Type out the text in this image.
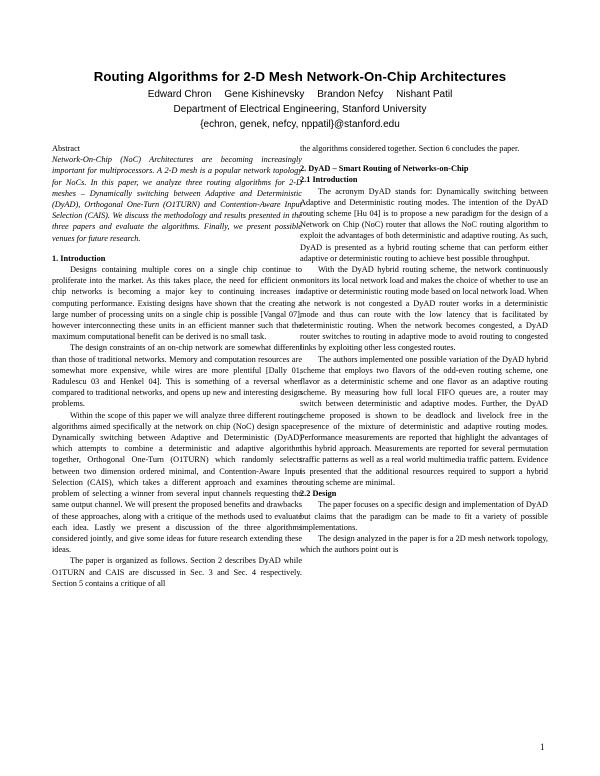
Routing Algorithms for 2-D Mesh Network-On-Chip Architectures
Edward Chron Gene Kishinevsky Brandon Nefcy Nishant Patil
Department of Electrical Engineering, Stanford University
{echron, genek, nefcy, nppatil}@stanford.edu

Abstract

Network-On-Chip (NoC) Architectures are becoming increasingly important for multiprocessors. A 2-D mesh is a popular network topology for NoCs. In this paper, we analyze three routing algorithms for 2-D meshes – Dynamically switching between Adaptive and Deterministic (DyAD), Orthogonal One-Turn (O1TURN) and Contention-Aware Input Selection (CAIS). We discuss the methodology and results presented in the three papers and evaluate the algorithms. Finally, we present possible venues for future research.

1. Introduction

Designs containing multiple cores on a single chip continue to proliferate into the market. As this takes place, the need for efficient on-chip networks is becoming a major key to continuing increases in computing performance. Existing designs have shown that the creating a large number of processing units on a single chip is possible [Vangal 07], however interconnecting these units in an efficient manner such that the maximum computational benefit can be derived is no small task.

The design constraints of an on-chip network are somewhat different than those of traditional networks. Memory and computation resources are somewhat more expensive, while wires are more plentiful [Dally 01, Radulescu 03 and Henkel 04]. This is something of a reversal when compared to traditional networks, and opens up new and interesting design problems.

Within the scope of this paper we will analyze three different routing algorithms aimed specifically at the network on chip (NoC) design space: Dynamically switching between Adaptive and Deterministic (DyAD) which attempts to combine a deterministic and adaptive algorithm together, Orthogonal One-Turn (O1TURN) which randomly selects between two dimension ordered minimal, and Contention-Aware Input Selection (CAIS), which takes a different approach and examines the problem of selecting a winner from several input channels requesting the same output channel. We will present the proposed benefits and drawbacks of these approaches, along with a critique of the methods used to evaluate each idea. Lastly we present a discussion of the three algorithms considered jointly, and give some ideas for future research extending these ideas.

The paper is organized as follows. Section 2 describes DyAD while O1TURN and CAIS are discussed in Sec. 3 and Sec. 4 respectively. Section 5 contains a critique of all

the algorithms considered together. Section 6 concludes the paper.

2. DyAD – Smart Routing of Networks-on-Chip

2.1 Introduction

The acronym DyAD stands for: Dynamically switching between Adaptive and Deterministic routing modes. The intention of the DyAD routing scheme [Hu 04] is to propose a new paradigm for the design of a Network on Chip (NoC) router that allows the NoC routing algorithm to exploit the advantages of both deterministic and adaptive routing. As such, DyAD is presented as a hybrid routing scheme that can perform either adaptive or deterministic routing to achieve best possible throughput.

With the DyAD hybrid routing scheme, the network continuously monitors its local network load and makes the choice of whether to use an adaptive or deterministic routing mode based on local network load. When the network is not congested a DyAD router works in a deterministic mode and thus can route with the low latency that is facilitated by deterministic routing. When the network becomes congested, a DyAD router switches to routing in adaptive mode to avoid routing to congested links by exploiting other less congested routes.

The authors implemented one possible variation of the DyAD hybrid scheme that employs two flavors of the odd-even routing scheme, one flavor as a deterministic scheme and one flavor as an adaptive routing scheme. By measuring how full local FIFO queues are, a router may switch between deterministic and adaptive modes. Further, the DyAD scheme proposed is shown to be deadlock and livelock free in the presence of the mixture of deterministic and adaptive routing modes. Performance measurements are reported that highlight the advantages of this hybrid approach. Measurements are reported for several permutation traffic patterns as well as a real world multimedia traffic pattern. Evidence is presented that the additional resources required to support a hybrid routing scheme are minimal.

2.2 Design

The paper focuses on a specific design and implementation of DyAD but claims that the paradigm can be made to fit a variety of possible implementations.

The design analyzed in the paper is for a 2D mesh network topology, which the authors point out is

1
